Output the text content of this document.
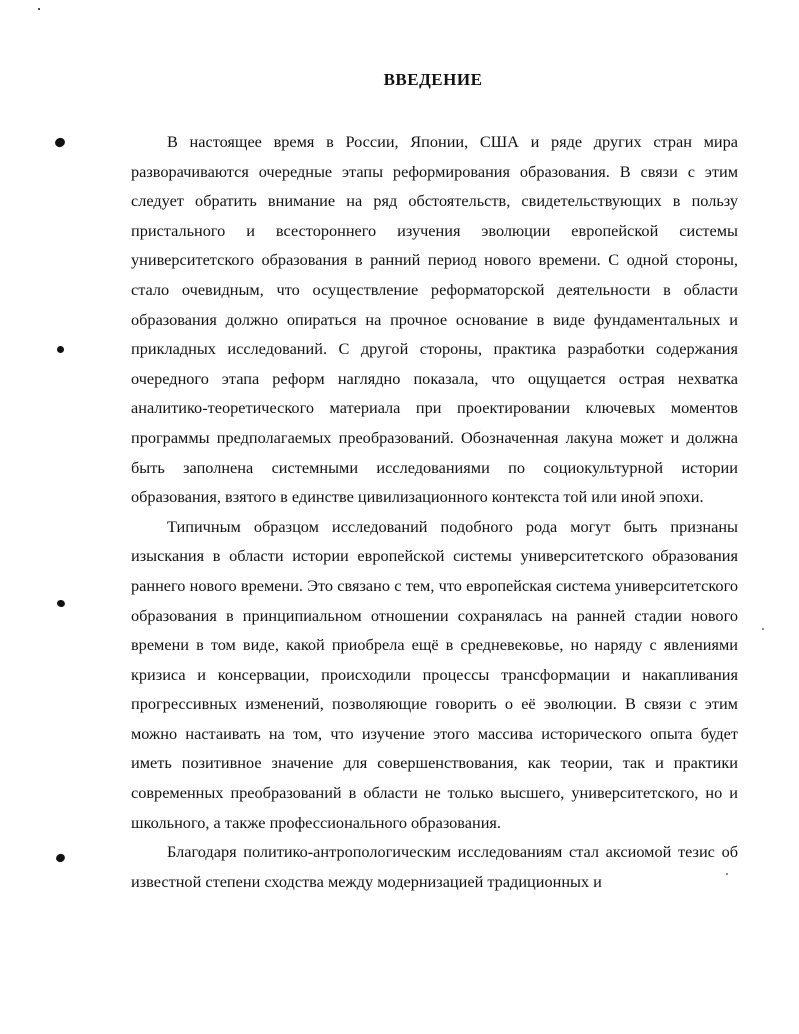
ВВЕДЕНИЕ

В настоящее время в России, Японии, США и ряде других стран мира разворачиваются очередные этапы реформирования образования. В связи с этим следует обратить внимание на ряд обстоятельств, свидетельствующих в пользу пристального и всестороннего изучения эволюции европейской системы университетского образования в ранний период нового времени. С одной стороны, стало очевидным, что осуществление реформаторской деятельности в области образования должно опираться на прочное основание в виде фундаментальных и прикладных исследований. С другой стороны, практика разработки содержания очередного этапа реформ наглядно показала, что ощущается острая нехватка аналитико-теоретического материала при проектировании ключевых моментов программы предполагаемых преобразований. Обозначенная лакуна может и должна быть заполнена системными исследованиями по социокультурной истории образования, взятого в единстве цивилизационного контекста той или иной эпохи.

Типичным образцом исследований подобного рода могут быть признаны изыскания в области истории европейской системы университетского образования раннего нового времени. Это связано с тем, что европейская система университетского образования в принципиальном отношении сохранялась на ранней стадии нового времени в том виде, какой приобрела ещё в средневековье, но наряду с явлениями кризиса и консервации, происходили процессы трансформации и накапливания прогрессивных изменений, позволяющие говорить о её эволюции. В связи с этим можно настаивать на том, что изучение этого массива исторического опыта будет иметь позитивное значение для совершенствования, как теории, так и практики современных преобразований в области не только высшего, университетского, но и школьного, а также профессионального образования.

Благодаря политико-антропологическим исследованиям стал аксиомой тезис об известной степени сходства между модернизацией традиционных и
